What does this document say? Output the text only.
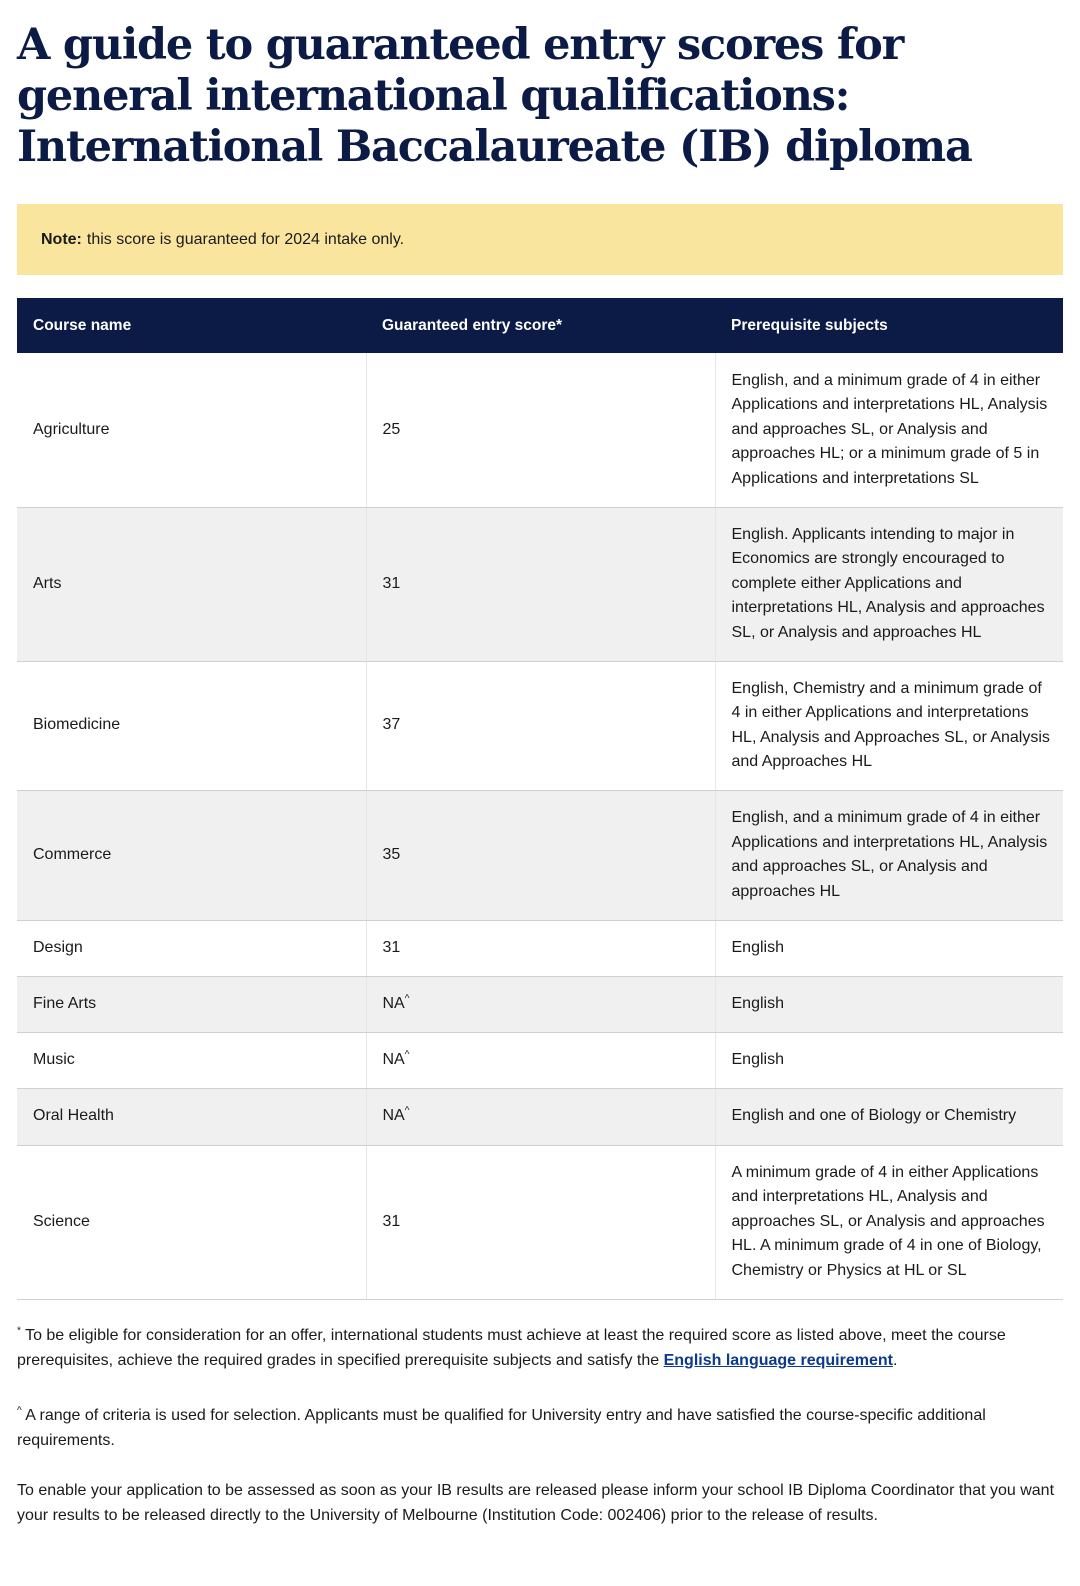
A guide to guaranteed entry scores for general international qualifications: International Baccalaureate (IB) diploma
Note: this score is guaranteed for 2024 intake only.
Course name	Guaranteed entry score*	Prerequisite subjects
Agriculture	25	English, and a minimum grade of 4 in either Applications and interpretations HL, Analysis and approaches SL, or Analysis and approaches HL; or a minimum grade of 5 in Applications and interpretations SL
Arts	31	English. Applicants intending to major in Economics are strongly encouraged to complete either Applications and interpretations HL, Analysis and approaches SL, or Analysis and approaches HL
Biomedicine	37	English, Chemistry and a minimum grade of 4 in either Applications and interpretations HL, Analysis and Approaches SL, or Analysis and Approaches HL
Commerce	35	English, and a minimum grade of 4 in either Applications and interpretations HL, Analysis and approaches SL, or Analysis and approaches HL
Design	31	English
Fine Arts	NA^	English
Music	NA^	English
Oral Health	NA^	English and one of Biology or Chemistry
Science	31	A minimum grade of 4 in either Applications and interpretations HL, Analysis and approaches SL, or Analysis and approaches HL. A minimum grade of 4 in one of Biology, Chemistry or Physics at HL or SL

* To be eligible for consideration for an offer, international students must achieve at least the required score as listed above, meet the course prerequisites, achieve the required grades in specified prerequisite subjects and satisfy the English language requirement.

^ A range of criteria is used for selection. Applicants must be qualified for University entry and have satisfied the course-specific additional requirements.

To enable your application to be assessed as soon as your IB results are released please inform your school IB Diploma Coordinator that you want your results to be released directly to the University of Melbourne (Institution Code: 002406) prior to the release of results.
